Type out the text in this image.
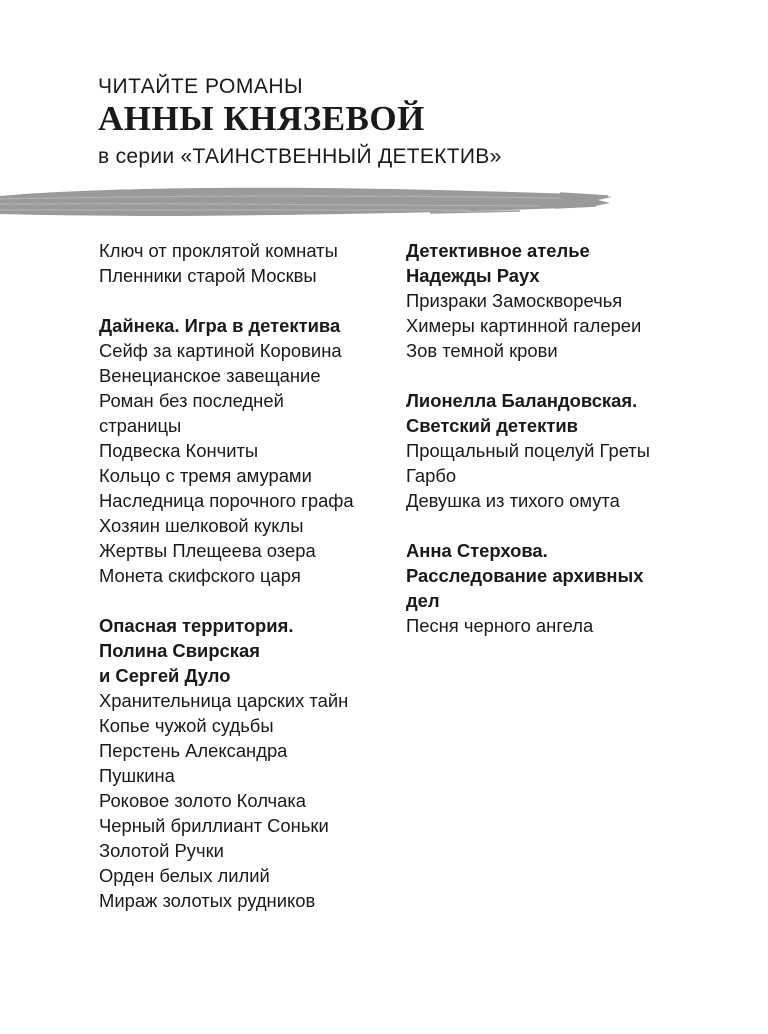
ЧИТАЙТЕ РОМАНЫ
АННЫ КНЯЗЕВОЙ
в серии «ТАИНСТВЕННЫЙ ДЕТЕКТИВ»
Ключ от проклятой комнаты
Пленники старой Москвы
Дайнека. Игра в детектива
Сейф за картиной Коровина
Венецианское завещание
Роман без последней
страницы
Подвеска Кончиты
Кольцо с тремя амурами
Наследница порочного графа
Хозяин шелковой куклы
Жертвы Плещеева озера
Монета скифского царя
Опасная территория.
Полина Свирская
и Сергей Дуло
Хранительница царских тайн
Копье чужой судьбы
Перстень Александра
Пушкина
Роковое золото Колчака
Черный бриллиант Соньки
Золотой Ручки
Орден белых лилий
Мираж золотых рудников
Детективное ателье
Надежды Раух
Призраки Замоскворечья
Химеры картинной галереи
Зов темной крови
Лионелла Баландовская.
Светский детектив
Прощальный поцелуй Греты
Гарбо
Девушка из тихого омута
Анна Стерхова.
Расследование архивных
дел
Песня черного ангела
